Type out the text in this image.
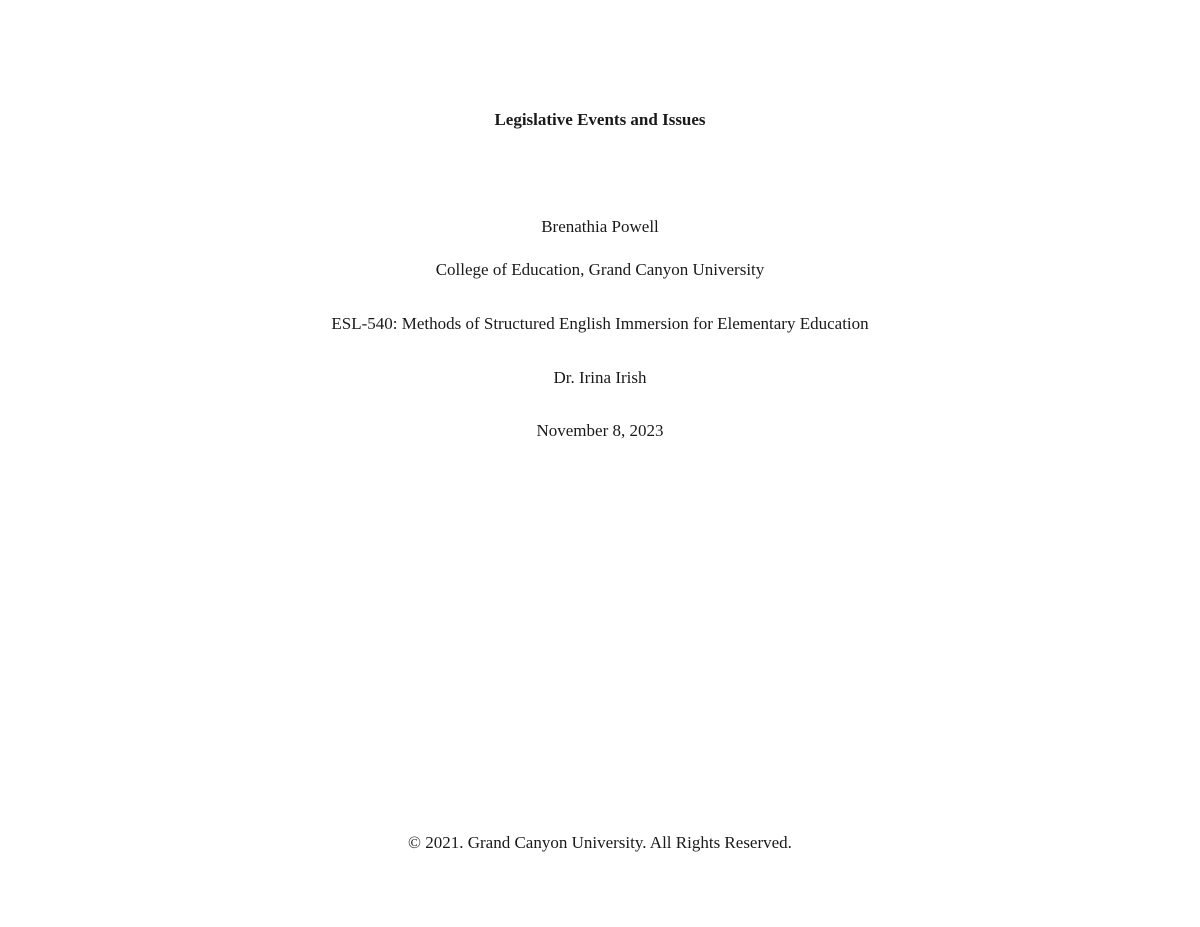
Legislative Events and Issues
Brenathia Powell
College of Education, Grand Canyon University
ESL-540: Methods of Structured English Immersion for Elementary Education
Dr. Irina Irish
November 8, 2023
© 2021. Grand Canyon University. All Rights Reserved.
